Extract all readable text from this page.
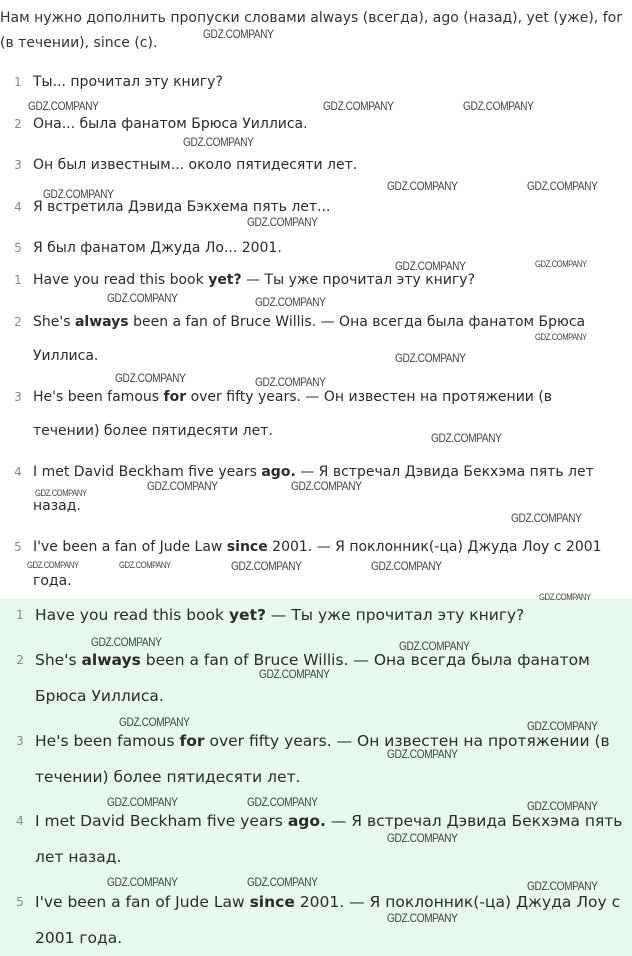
Нам нужно дополнить пропуски словами always (всегда), ago (назад), yet (уже), for (в течении), since (с).
1 Ты... прочитал эту книгу?
2 Она... была фанатом Брюса Уиллиса.
3 Он был известным... около пятидесяти лет.
4 Я встретила Дэвида Бэкхема пять лет...
5 Я был фанатом Джуда Ло... 2001.
1 Have you read this book yet? — Ты уже прочитал эту книгу?
2 She's always been a fan of Bruce Willis. — Она всегда была фанатом Брюса Уиллиса.
3 He's been famous for over fifty years. — Он известен на протяжении (в течении) более пятидесяти лет.
4 I met David Beckham five years ago. — Я встречал Дэвида Бекхэма пять лет назад.
5 I've been a fan of Jude Law since 2001. — Я поклонник(-ца) Джуда Лоу с 2001 года.
1 Have you read this book yet? — Ты уже прочитал эту книгу?
2 She's always been a fan of Bruce Willis. — Она всегда была фанатом Брюса Уиллиса.
3 He's been famous for over fifty years. — Он известен на протяжении (в течении) более пятидесяти лет.
4 I met David Beckham five years ago. — Я встречал Дэвида Бекхэма пять лет назад.
5 I've been a fan of Jude Law since 2001. — Я поклонник(-ца) Джуда Лоу с 2001 года.
GDZ.COMPANY
GDZ.COMPANY	GDZ.COMPANY	GDZ.COMPANY
GDZ.COMPANY
GDZ.COMPANY
GDZ.COMPANY	GDZ.COMPANY
GDZ.COMPANY
GDZ.COMPANY	GDZ.COMPANY
GDZ.COMPANY	GDZ.COMPANY
GDZ.COMPANY
GDZ.COMPANY
GDZ.COMPANY	GDZ.COMPANY
GDZ.COMPANY
GDZ.COMPANY	GDZ.COMPANY
GDZ.COMPANY
GDZ.COMPANY
GDZ.COMPANY	GDZ.COMPANY	GDZ.COMPANY	GDZ.COMPANY
GDZ.COMPANY
GDZ.COMPANY	GDZ.COMPANY
GDZ.COMPANY
GDZ.COMPANY	GDZ.COMPANY
GDZ.COMPANY
GDZ.COMPANY	GDZ.COMPANY	GDZ.COMPANY
GDZ.COMPANY
GDZ.COMPANY	GDZ.COMPANY	GDZ.COMPANY
GDZ.COMPANY
